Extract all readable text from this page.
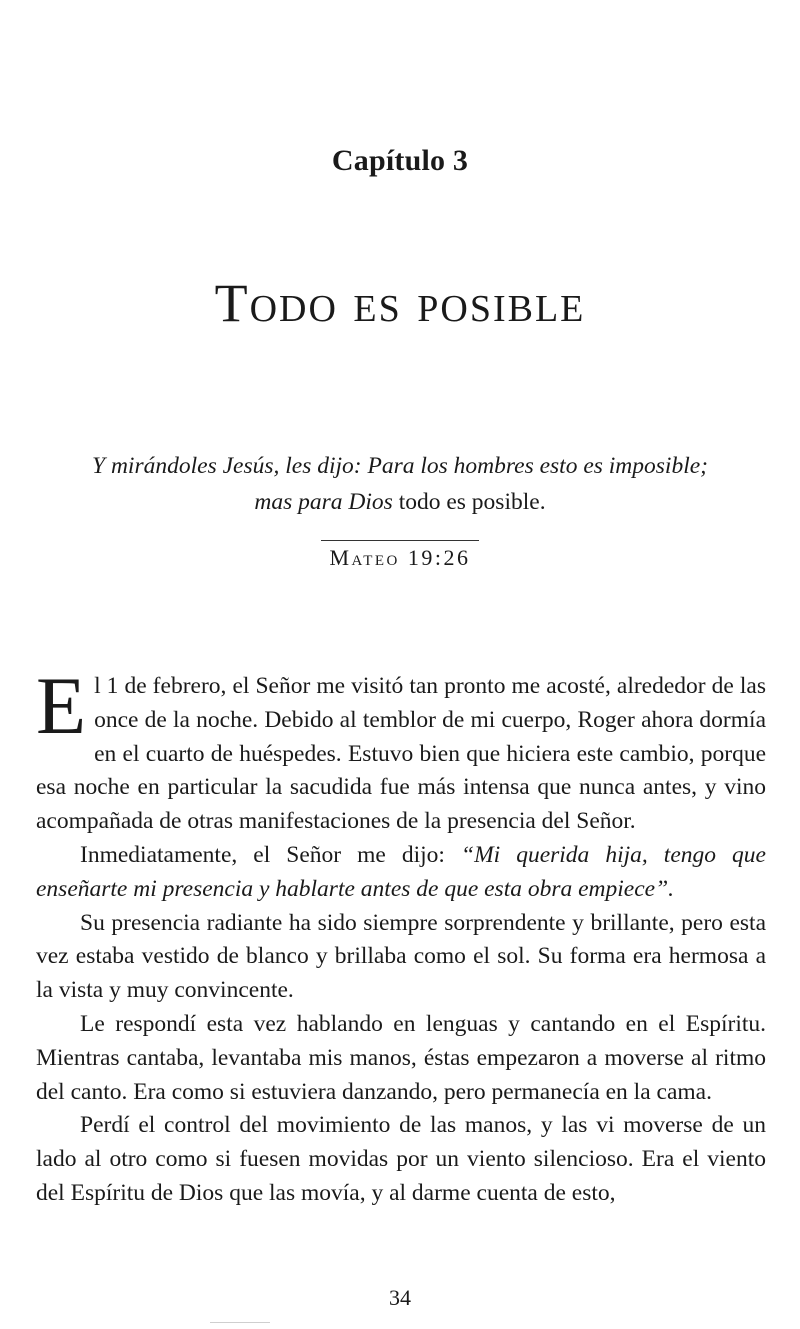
Capítulo 3
Todo es posible
Y mirándoles Jesús, les dijo: Para los hombres esto es imposible;
mas para Dios todo es posible.
Mateo 19:26

El 1 de febrero, el Señor me visitó tan pronto me acosté, alrededor de las once de la noche. Debido al temblor de mi cuerpo, Roger ahora dormía en el cuarto de huéspedes. Estuvo bien que hiciera este cambio, porque esa noche en particular la sacudida fue más intensa que nunca antes, y vino acompañada de otras manifestaciones de la presencia del Señor.

Inmediatamente, el Señor me dijo: “Mi querida hija, tengo que enseñarte mi presencia y hablarte antes de que esta obra empiece”.

Su presencia radiante ha sido siempre sorprendente y brillante, pero esta vez estaba vestido de blanco y brillaba como el sol. Su forma era hermosa a la vista y muy convincente.

Le respondí esta vez hablando en lenguas y cantando en el Espíritu. Mientras cantaba, levantaba mis manos, éstas empezaron a moverse al ritmo del canto. Era como si estuviera danzando, pero permanecía en la cama.

Perdí el control del movimiento de las manos, y las vi moverse de un lado al otro como si fuesen movidas por un viento silencioso. Era el viento del Espíritu de Dios que las movía, y al darme cuenta de esto,

34
